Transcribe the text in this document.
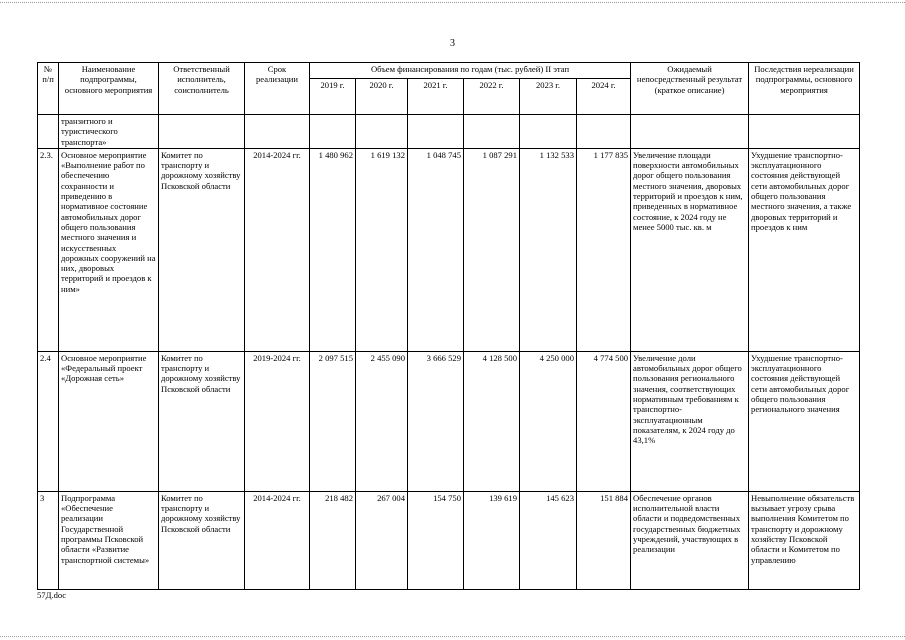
3
№ п/п	Наименование подпрограммы, основного мероприятия	Ответственный исполнитель, соисполнитель	Срок реализации	Объем финансирования по годам (тыс. рублей) II этап						Ожидаемый непосредственный результат (краткое описание)	Последствия нереализации подпрограммы, основного мероприятия
				2019 г.	2020 г.	2021 г.	2022 г.	2023 г.	2024 г.		
	транзитного и туристического транспорта»										
2.3.	Основное мероприятие «Выполнение работ по обеспечению сохранности и приведению в нормативное состояние автомобильных дорог общего пользования местного значения и искусственных дорожных сооружений на них, дворовых территорий и проездов к ним»	Комитет по транспорту и дорожному хозяйству Псковской области	2014-2024 гг.	1 480 962	1 619 132	1 048 745	1 087 291	1 132 533	1 177 835	Увеличение площади поверхности автомобильных дорог общего пользования местного значения, дворовых территорий и проездов к ним, приведенных в нормативное состояние, к 2024 году не менее 5000 тыс. кв. м	Ухудшение транспортно-эксплуатационного состояния действующей сети автомобильных дорог общего пользования местного значения, а также дворовых территорий и проездов к ним
2.4	Основное мероприятие «Федеральный проект «Дорожная сеть»	Комитет по транспорту и дорожному хозяйству Псковской области	2019-2024 гг.	2 097 515	2 455 090	3 666 529	4 128 500	4 250 000	4 774 500	Увеличение доли автомобильных дорог общего пользования регионального значения, соответствующих нормативным требованиям к транспортно-эксплуатационным показателям, к 2024 году до 43,1%	Ухудшение транспортно-эксплуатационного состояния действующей сети автомобильных дорог общего пользования регионального значения
3	Подпрограмма «Обеспечение реализации Государственной программы Псковской области «Развитие транспортной системы»	Комитет по транспорту и дорожному хозяйству Псковской области	2014-2024 гг.	218 482	267 004	154 750	139 619	145 623	151 884	Обеспечение органов исполнительной власти области и подведомственных государственных бюджетных учреждений, участвующих в реализации	Невыполнение обязательств вызывает угрозу срыва выполнения Комитетом по транспорту и дорожному хозяйству Псковской области и Комитетом по управлению
57Д.doc
